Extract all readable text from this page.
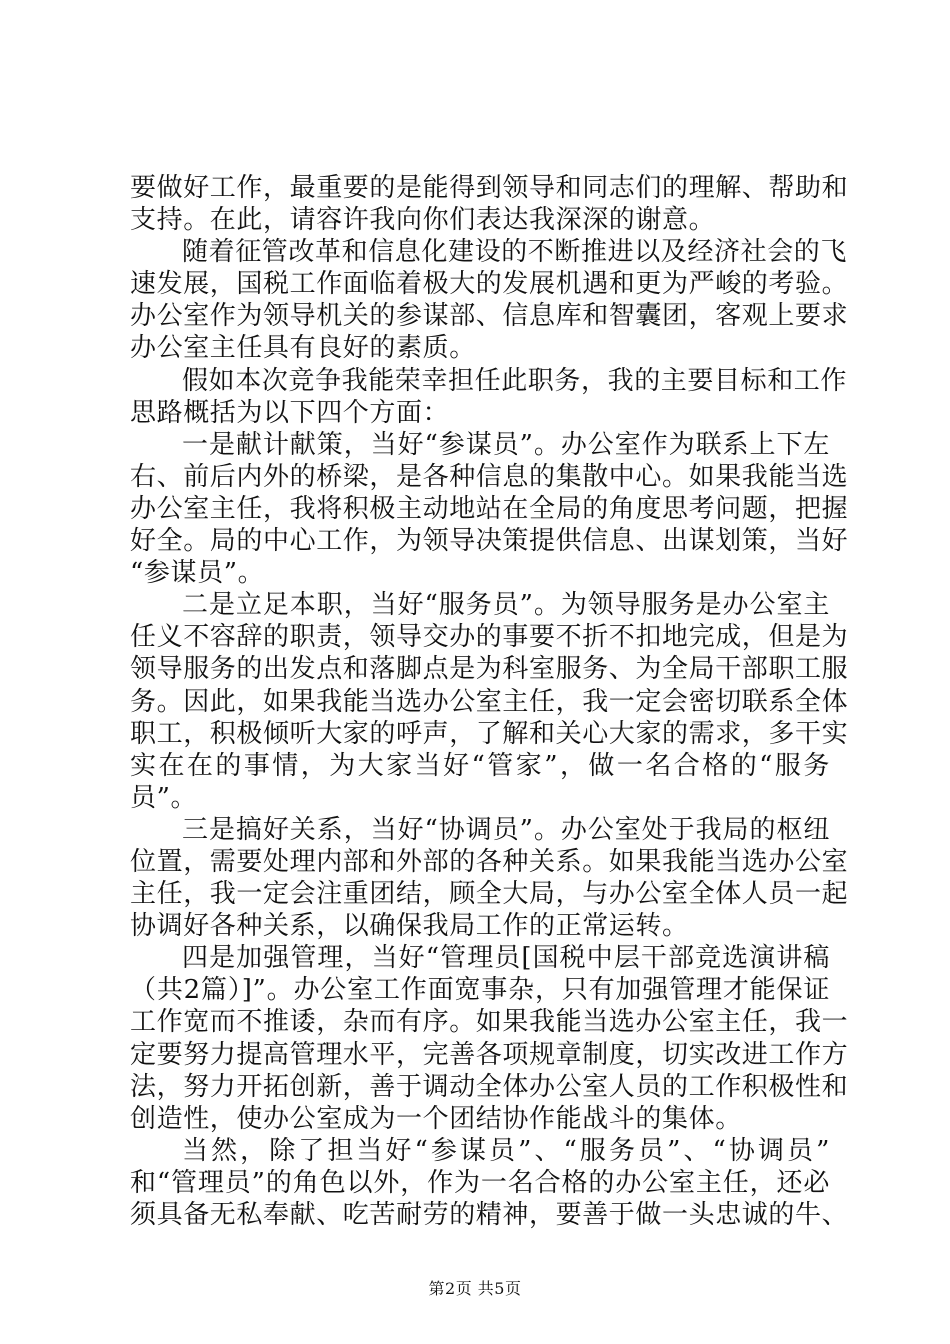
要做好工作，最重要的是能得到领导和同志们的理解、帮助和
支持。在此，请容许我向你们表达我深深的谢意。
随着征管改革和信息化建设的不断推进以及经济社会的飞
速发展，国税工作面临着极大的发展机遇和更为严峻的考验。
办公室作为领导机关的参谋部、信息库和智囊团，客观上要求
办公室主任具有良好的素质。
假如本次竞争我能荣幸担任此职务，我的主要目标和工作
思路概括为以下四个方面：
一是献计献策，当好“参谋员”。办公室作为联系上下左
右、前后内外的桥梁，是各种信息的集散中心。如果我能当选
办公室主任，我将积极主动地站在全局的角度思考问题，把握
好全。局的中心工作，为领导决策提供信息、出谋划策，当好
“参谋员”。
二是立足本职，当好“服务员”。为领导服务是办公室主
任义不容辞的职责，领导交办的事要不折不扣地完成，但是为
领导服务的出发点和落脚点是为科室服务、为全局干部职工服
务。因此，如果我能当选办公室主任，我一定会密切联系全体
职工，积极倾听大家的呼声，了解和关心大家的需求，多干实
实在在的事情，为大家当好“管家”，做一名合格的“服务
员”。
三是搞好关系，当好“协调员”。办公室处于我局的枢纽
位置，需要处理内部和外部的各种关系。如果我能当选办公室
主任，我一定会注重团结，顾全大局，与办公室全体人员一起
协调好各种关系，以确保我局工作的正常运转。
四是加强管理，当好“管理员[国税中层干部竞选演讲稿
（共2篇）]”。办公室工作面宽事杂，只有加强管理才能保证
工作宽而不推诿，杂而有序。如果我能当选办公室主任，我一
定要努力提高管理水平，完善各项规章制度，切实改进工作方
法，努力开拓创新，善于调动全体办公室人员的工作积极性和
创造性，使办公室成为一个团结协作能战斗的集体。
当然，除了担当好“参谋员”、“服务员”、“协调员”
和“管理员”的角色以外，作为一名合格的办公室主任，还必
须具备无私奉献、吃苦耐劳的精神，要善于做一头忠诚的牛、
第2页 共5页
